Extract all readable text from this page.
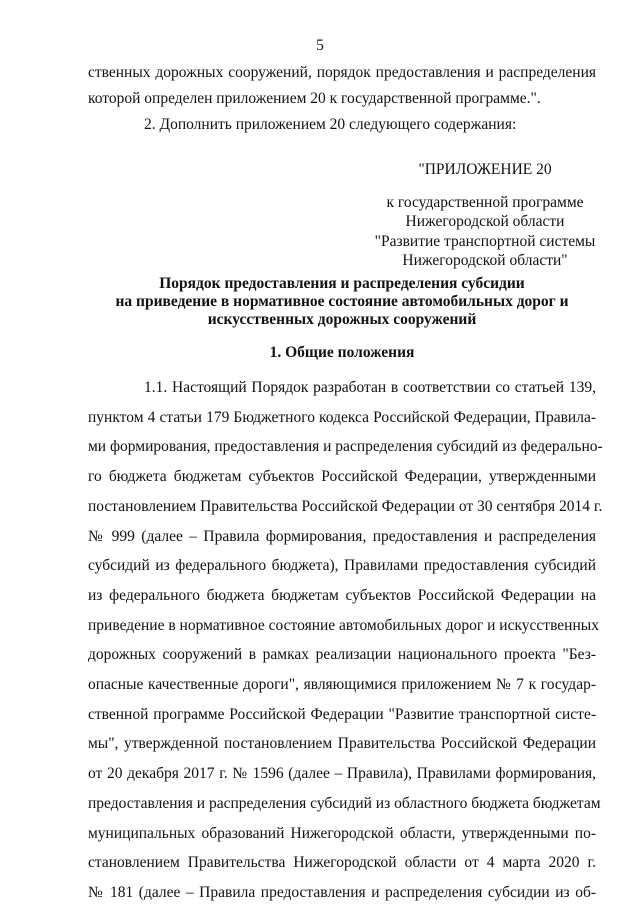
5
ственных дорожных сооружений, порядок предоставления и распределения
которой определен приложением 20 к государственной программе.".
2. Дополнить приложением 20 следующего содержания:
"ПРИЛОЖЕНИЕ 20
к государственной программе
Нижегородской области
"Развитие транспортной системы
Нижегородской области"
Порядок предоставления и распределения субсидии
на приведение в нормативное состояние автомобильных дорог и
искусственных дорожных сооружений
1. Общие положения
1.1. Настоящий Порядок разработан в соответствии со статьей 139,
пунктом 4 статьи 179 Бюджетного кодекса Российской Федерации, Правила-
ми формирования, предоставления и распределения субсидий из федерально-
го бюджета бюджетам субъектов Российской Федерации, утвержденными
постановлением Правительства Российской Федерации от 30 сентября 2014 г.
№ 999 (далее – Правила формирования, предоставления и распределения
субсидий из федерального бюджета), Правилами предоставления субсидий
из федерального бюджета бюджетам субъектов Российской Федерации на
приведение в нормативное состояние автомобильных дорог и искусственных
дорожных сооружений в рамках реализации национального проекта "Без-
опасные качественные дороги", являющимися приложением № 7 к государ-
ственной программе Российской Федерации "Развитие транспортной систе-
мы", утвержденной постановлением Правительства Российской Федерации
от 20 декабря 2017 г. № 1596 (далее – Правила), Правилами формирования,
предоставления и распределения субсидий из областного бюджета бюджетам
муниципальных образований Нижегородской области, утвержденными по-
становлением Правительства Нижегородской области от 4 марта 2020 г.
№ 181 (далее – Правила предоставления и распределения субсидии из об-
